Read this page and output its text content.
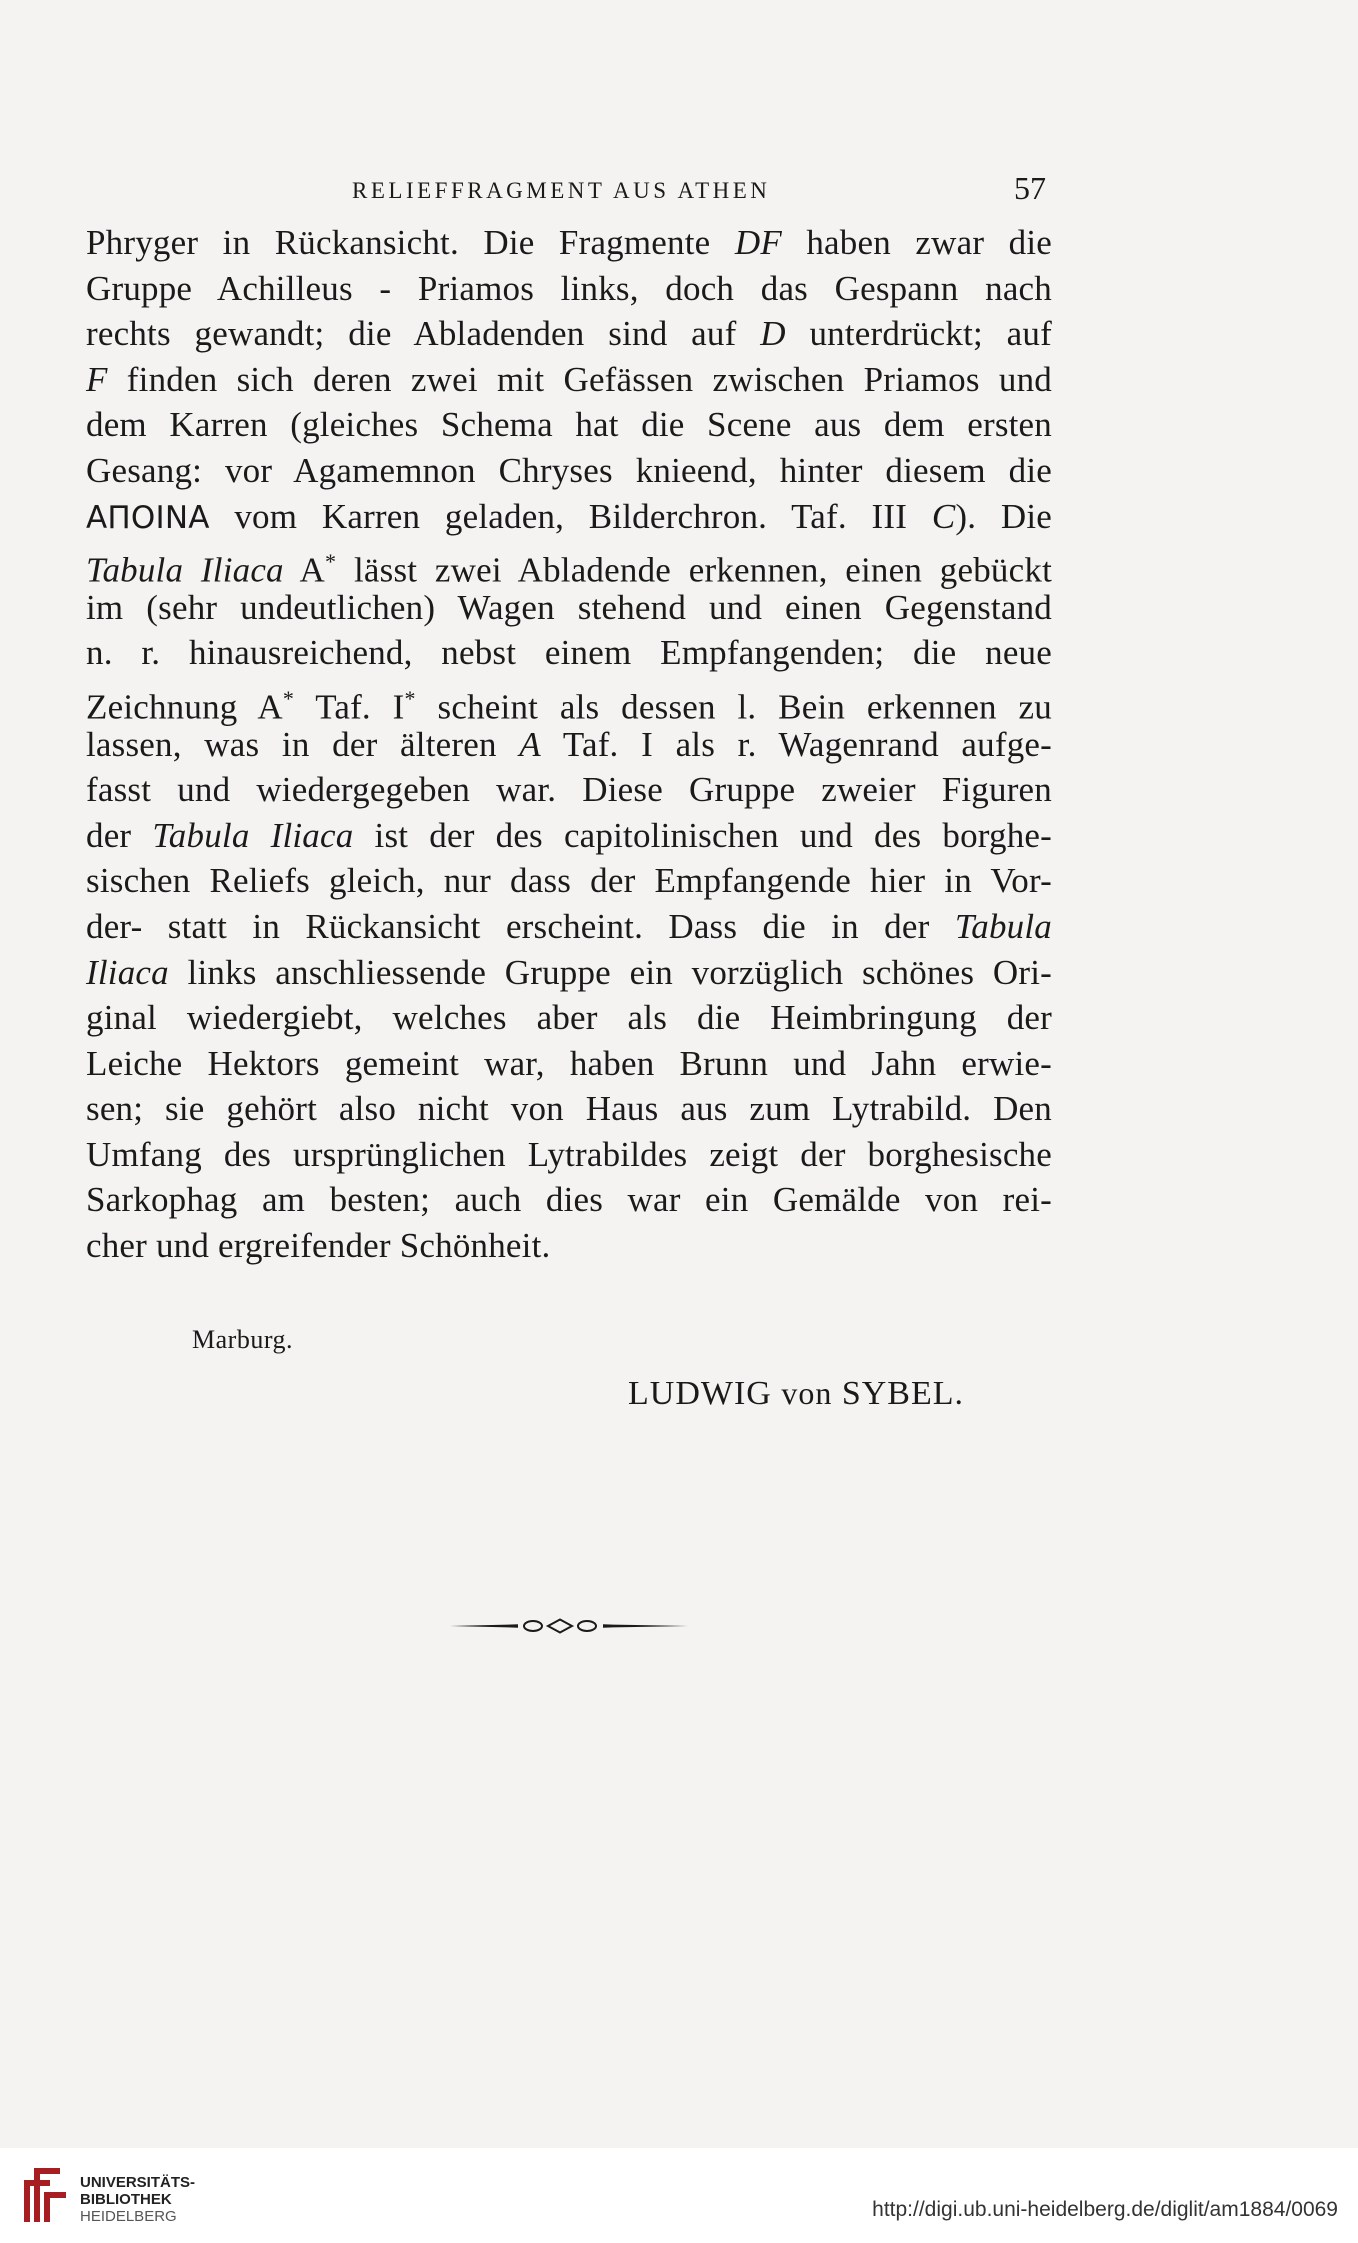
RELIEFFRAGMENT AUS ATHEN	57
Phryger in Rückansicht. Die Fragmente DF haben zwar die
Gruppe Achilleus - Priamos links, doch das Gespann nach
rechts gewandt; die Abladenden sind auf D unterdrückt; auf
F finden sich deren zwei mit Gefässen zwischen Priamos und
dem Karren (gleiches Schema hat die Scene aus dem ersten
Gesang: vor Agamemnon Chryses knieend, hinter diesem die
ΑΠΟΙΝΑ vom Karren geladen, Bilderchron. Taf. III C). Die
Tabula Iliaca A* lässt zwei Abladende erkennen, einen gebückt
im (sehr undeutlichen) Wagen stehend und einen Gegenstand
n. r. hinausreichend, nebst einem Empfangenden; die neue
Zeichnung A* Taf. I* scheint als dessen l. Bein erkennen zu
lassen, was in der älteren A Taf. I als r. Wagenrand aufge-
fasst und wiedergegeben war. Diese Gruppe zweier Figuren
der Tabula Iliaca ist der des capitolinischen und des borghe-
sischen Reliefs gleich, nur dass der Empfangende hier in Vor-
der- statt in Rückansicht erscheint. Dass die in der Tabula
Iliaca links anschliessende Gruppe ein vorzüglich schönes Ori-
ginal wiedergiebt, welches aber als die Heimbringung der
Leiche Hektors gemeint war, haben Brunn und Jahn erwie-
sen; sie gehört also nicht von Haus aus zum Lytrabild. Den
Umfang des ursprünglichen Lytrabildes zeigt der borghesische
Sarkophag am besten; auch dies war ein Gemälde von rei-
cher und ergreifender Schönheit.
Marburg.
LUDWIG von SYBEL.
UNIVERSITÄTS-
BIBLIOTHEK
HEIDELBERG	http://digi.ub.uni-heidelberg.de/diglit/am1884/0069
